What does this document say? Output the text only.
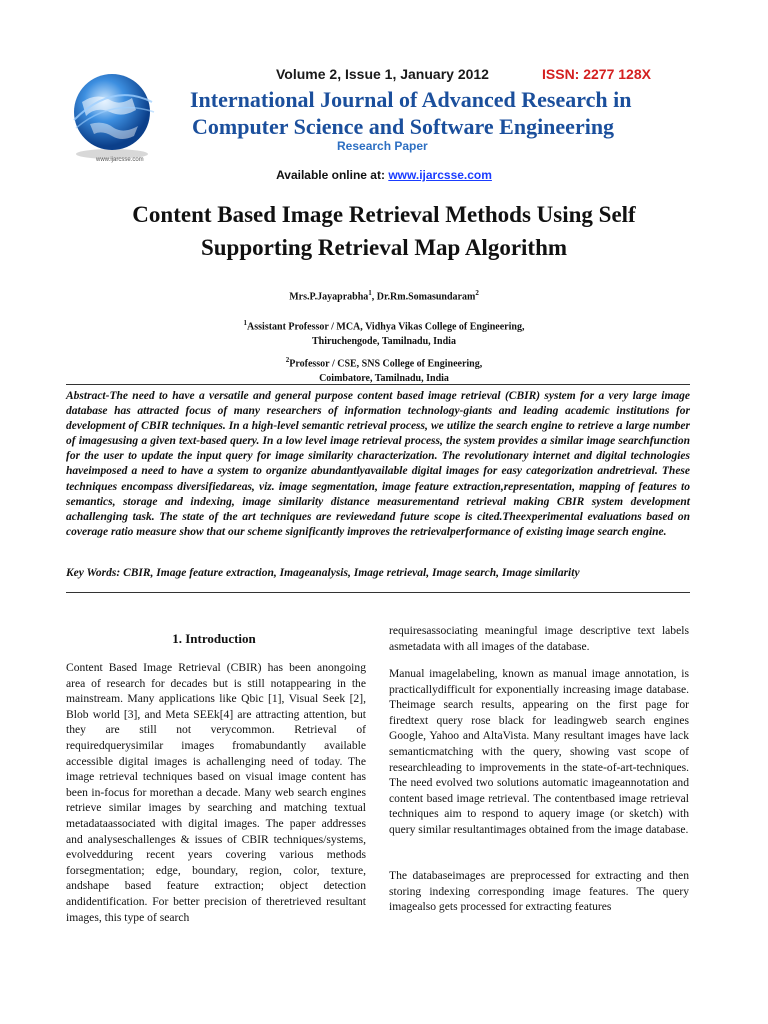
www.ijarcsse.com
Volume 2, Issue 1, January 2012	ISSN: 2277 128X
International Journal of Advanced Research in
Computer Science and Software Engineering
Research Paper
Available online at: www.ijarcsse.com
Content Based Image Retrieval Methods Using Self
Supporting Retrieval Map Algorithm
Mrs.P.Jayaprabha$^1$, Dr.Rm.Somasundaram$^2$
$^1$Assistant Professor / MCA, Vidhya Vikas College of Engineering,
Thiruchengode, Tamilnadu, India
$^2$Professor / CSE, SNS College of Engineering,
Coimbatore, Tamilnadu, India

Abstract-The need to have a versatile and general purpose content based image retrieval (CBIR) system for a very large image database has attracted focus of many researchers of information technology-giants and leading academic institutions for development of CBIR techniques. In a high-level semantic retrieval process, we utilize the search engine to retrieve a large number of imagesusing a given text-based query. In a low level image retrieval process, the system provides a similar image searchfunction for the user to update the input query for image similarity characterization. The revolutionary internet and digital technologies haveimposed a need to have a system to organize abundantlyavailable digital images for easy categorization andretrieval. These techniques encompass diversifiedareas, viz. image segmentation, image feature extraction,representation, mapping of features to semantics, storage and indexing, image similarity distance measurementand retrieval making CBIR system development achallenging task. The state of the art techniques are reviewedand future scope is cited.Theexperimental evaluations based on coverage ratio measure show that our scheme significantly improves the retrievalperformance of existing image search engine.

Key Words: CBIR, Image feature extraction, Imageanalysis, Image retrieval, Image search, Image similarity
1. Introduction

Content Based Image Retrieval (CBIR) has been anongoing area of research for decades but is still notappearing in the mainstream. Many applications like Qbic [1], Visual Seek [2], Blob world [3], and Meta SEEk[4] are attracting attention, but they are still not verycommon. Retrieval of requiredquerysimilar images fromabundantly available accessible digital images is achallenging need of today. The image retrieval techniques based on visual image content has been in-focus for morethan a decade. Many web search engines retrieve similar images by searching and matching textual metadataassociated with digital images. The paper addresses and analyseschallenges & issues of CBIR techniques/systems, evolvedduring recent years covering various methods forsegmentation; edge, boundary, region, color, texture, andshape based feature extraction; object detection andidentification. For better precision of theretrieved resultant images, this type of search

requiresassociating meaningful image descriptive text labels asmetadata with all images of the database.

Manual imagelabeling, known as manual image annotation, is practicallydifficult for exponentially increasing image database. Theimage search results, appearing on the first page for firedtext query rose black for leadingweb search engines Google, Yahoo and AltaVista. Many resultant images have lack semanticmatching with the query, showing vast scope of researchleading to improvements in the state-of-art-techniques. The need evolved two solutions automatic imageannotation and content based image retrieval. The contentbased image retrieval techniques aim to respond to aquery image (or sketch) with query similar resultantimages obtained from the image database.

The databaseimages are preprocessed for extracting and then storing indexing corresponding image features. The query imagealso gets processed for extracting features
